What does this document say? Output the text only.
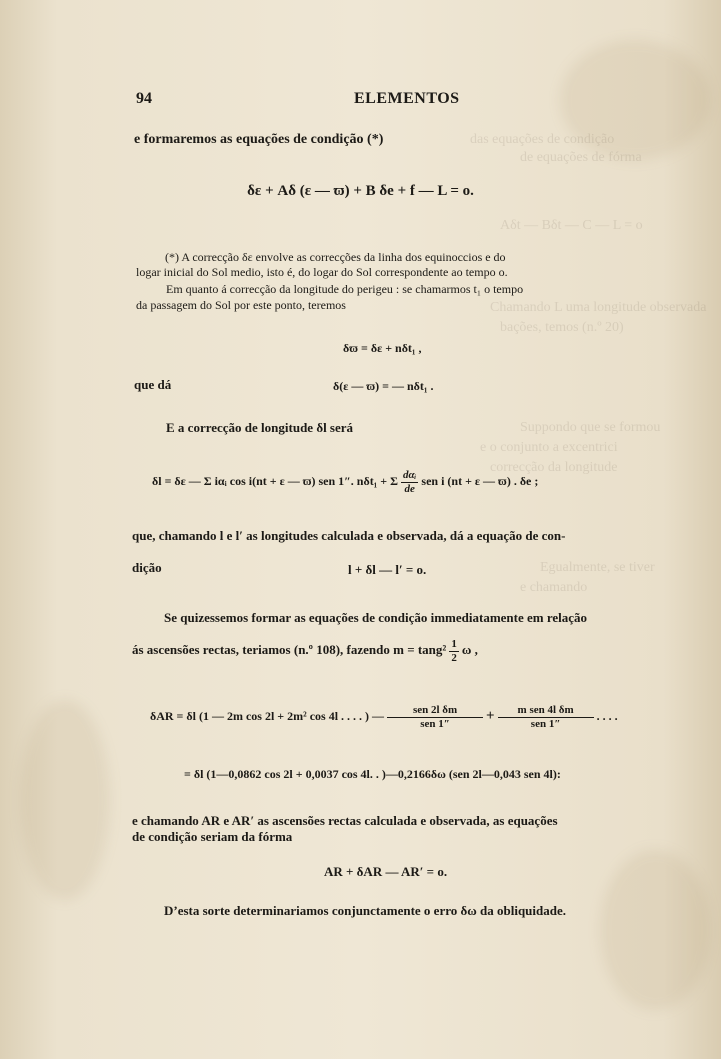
das equações de condição
de equações de fórma
Aδt — Bδt — C — L = o
Chamando L uma longitude observada
bações, temos (n.º 20)
Suppondo que se formou
e o conjunto a excentrici
correcção da longitude
Egualmente, se tiver
e chamando
94	ELEMENTOS
e formaremos as equações de condição (*)
δε + Aδ (ε — ϖ) + B δe + f — L = o.
(*) A correcção δε envolve as correcções da linha dos equinoccios e do
logar inicial do Sol medio, isto é, do logar do Sol correspondente ao tempo o.
Em quanto á correcção da longitude do perigeu : se chamarmos t₁ o tempo
da passagem do Sol por este ponto, teremos
δϖ = δε + nδt₁ ,
que dá	δ(ε — ϖ) = — nδt₁ .
E a correcção de longitude δl será
δl = δε — Σ iαᵢ cos i(nt + ε — ϖ) sen 1″. nδt₁ + Σ $\frac{\text{dαᵢ}}{de}$ sen i (nt + ε — ϖ) . δe ;
que, chamando l e l′ as longitudes calculada e observada, dá a equação de con-
dição	l + δl — l′ = o.
Se quizessemos formar as equações de condição immediatamente em relação
ás ascensões rectas, teriamos (n.º 108), fazendo $m = \tan g^2 \frac{1}{2}$ ω ,
δAR = δl (1 — 2m cos 2l + 2m² cos 4l . . . . ) — $\frac{\text{sen 2l δm}}{\text{sen 1″}} + \frac{\text{m sen 4l δm}}{\text{sen 1″}}$ . . . .
= δl (1—0,0862 cos 2l + 0,0037 cos 4l. . )—0,2166δω (sen 2l—0,043 sen 4l):
e chamando AR e AR′ as ascensões rectas calculada e observada, as equações
de condição seriam da fórma
AR + δAR — AR′ = o.
D’esta sorte determinariamos conjunctamente o erro δω da obliquidade.
